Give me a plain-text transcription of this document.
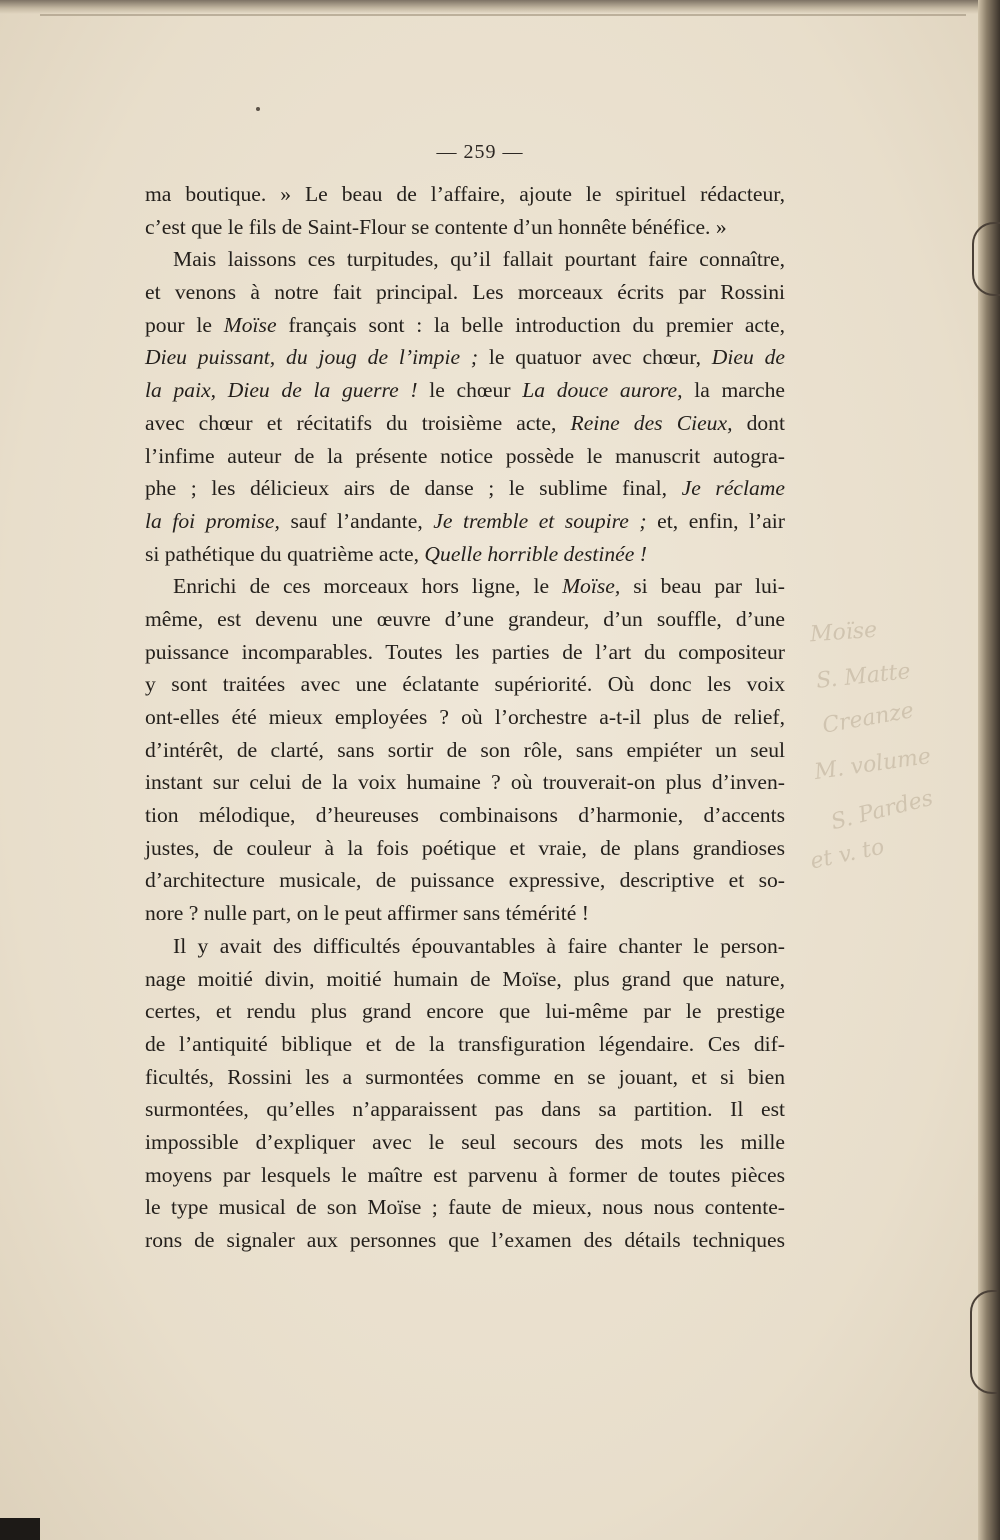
— 259 —
ma boutique. » Le beau de l’affaire, ajoute le spirituel rédacteur,
c’est que le fils de Saint-Flour se contente d’un honnête bénéfice. »
Mais laissons ces turpitudes, qu’il fallait pourtant faire connaître,
et venons à notre fait principal. Les morceaux écrits par Rossini
pour le Moïse français sont : la belle introduction du premier acte,
Dieu puissant, du joug de l’impie ; le quatuor avec chœur, Dieu de
la paix, Dieu de la guerre ! le chœur La douce aurore, la marche
avec chœur et récitatifs du troisième acte, Reine des Cieux, dont
l’infime auteur de la présente notice possède le manuscrit autogra-
phe ; les délicieux airs de danse ; le sublime final, Je réclame
la foi promise, sauf l’andante, Je tremble et soupire ; et, enfin, l’air
si pathétique du quatrième acte, Quelle horrible destinée !
Enrichi de ces morceaux hors ligne, le Moïse, si beau par lui-
même, est devenu une œuvre d’une grandeur, d’un souffle, d’une
puissance incomparables. Toutes les parties de l’art du compositeur
y sont traitées avec une éclatante supériorité. Où donc les voix
ont-elles été mieux employées ? où l’orchestre a-t-il plus de relief,
d’intérêt, de clarté, sans sortir de son rôle, sans empiéter un seul
instant sur celui de la voix humaine ? où trouverait-on plus d’inven-
tion mélodique, d’heureuses combinaisons d’harmonie, d’accents
justes, de couleur à la fois poétique et vraie, de plans grandioses
d’architecture musicale, de puissance expressive, descriptive et so-
nore ? nulle part, on le peut affirmer sans témérité !
Il y avait des difficultés épouvantables à faire chanter le person-
nage moitié divin, moitié humain de Moïse, plus grand que nature,
certes, et rendu plus grand encore que lui-même par le prestige
de l’antiquité biblique et de la transfiguration légendaire. Ces dif-
ficultés, Rossini les a surmontées comme en se jouant, et si bien
surmontées, qu’elles n’apparaissent pas dans sa partition. Il est
impossible d’expliquer avec le seul secours des mots les mille
moyens par lesquels le maître est parvenu à former de toutes pièces
le type musical de son Moïse ; faute de mieux, nous nous contente-
rons de signaler aux personnes que l’examen des détails techniques
Moïse
S. Matte
Creanze
M. volume
S. Pardes
et v. to
